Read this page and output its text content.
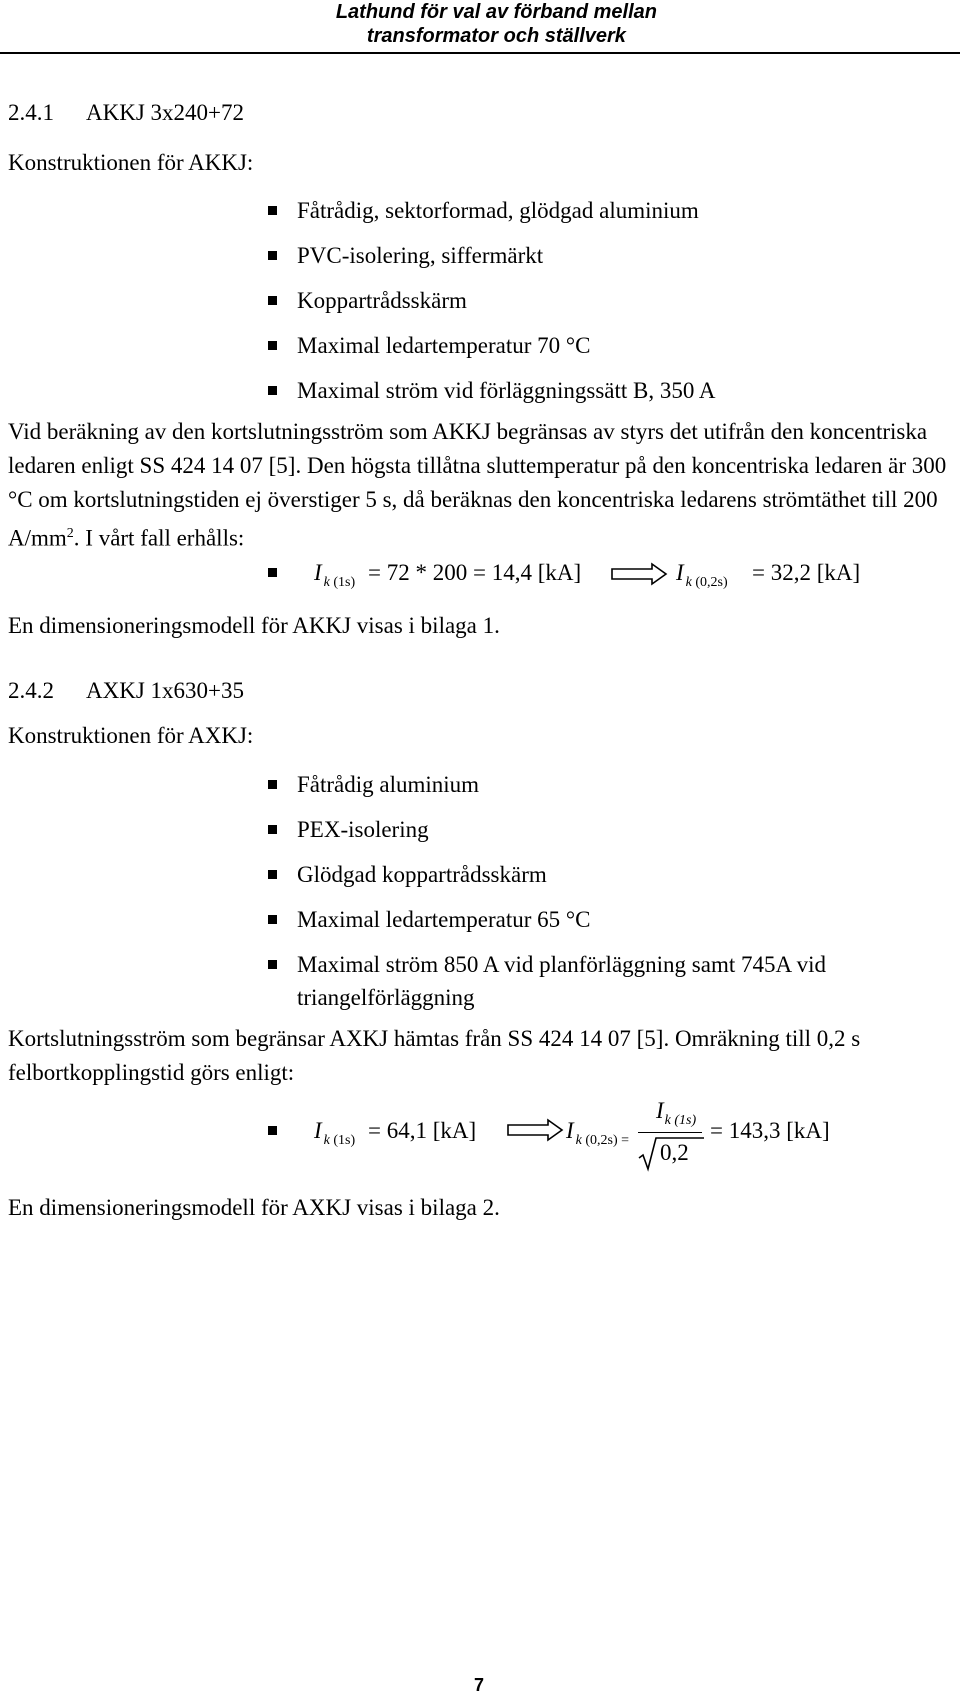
Lathund för val av förband mellan
transformator och ställverk
2.4.1 AKKJ 3x240+72
Konstruktionen för AKKJ:
Fåtrådig, sektorformad, glödgad aluminium
PVC-isolering, siffermärkt
Koppartrådsskärm
Maximal ledartemperatur 70 °C
Maximal ström vid förläggningssätt B, 350 A
Vid beräkning av den kortslutningsström som AKKJ begränsas av styrs det utifrån den koncentriska ledaren enligt SS 424 14 07 [5]. Den högsta tillåtna sluttemperatur på den koncentriska ledaren är 300 °C om kortslutningstiden ej överstiger 5 s, då beräknas den koncentriska ledarens strömtäthet till 200 $A/mm^2$. I vårt fall erhålls:
I $_{k (1s)}$ = 72 * 200 = 14,4 [kA]	I $_{k (0,2s)}$ = 32,2 [kA]
En dimensioneringsmodell för AKKJ visas i bilaga 1.
2.4.2 AXKJ 1x630+35
Konstruktionen för AXKJ:
Fåtrådig aluminium
PEX-isolering
Glödgad koppartrådsskärm
Maximal ledartemperatur 65 °C
Maximal ström 850 A vid planförläggning samt 745A vid
triangelförläggning
Kortslutningsström som begränsar AXKJ hämtas från SS 424 14 07 [5]. Omräkning till 0,2 s felbortkopplingstid görs enligt:
I $_{k (1s)}$ = 64,1 [kA]	I $_{k (0,2s) =}$
$I_{k (1s)}$
0,2
= 143,3 [kA]
En dimensioneringsmodell för AXKJ visas i bilaga 2.
7
